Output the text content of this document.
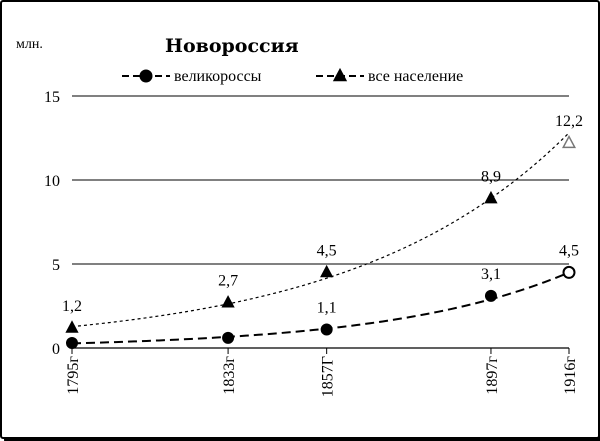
0
5
10
15
1795г	1833г	1857Г	1897г	1916г
1,1
3,1
4,5
1,2
2,7
4,5
8,9
12,2
великороссы	все население
млн.	Новороссия
